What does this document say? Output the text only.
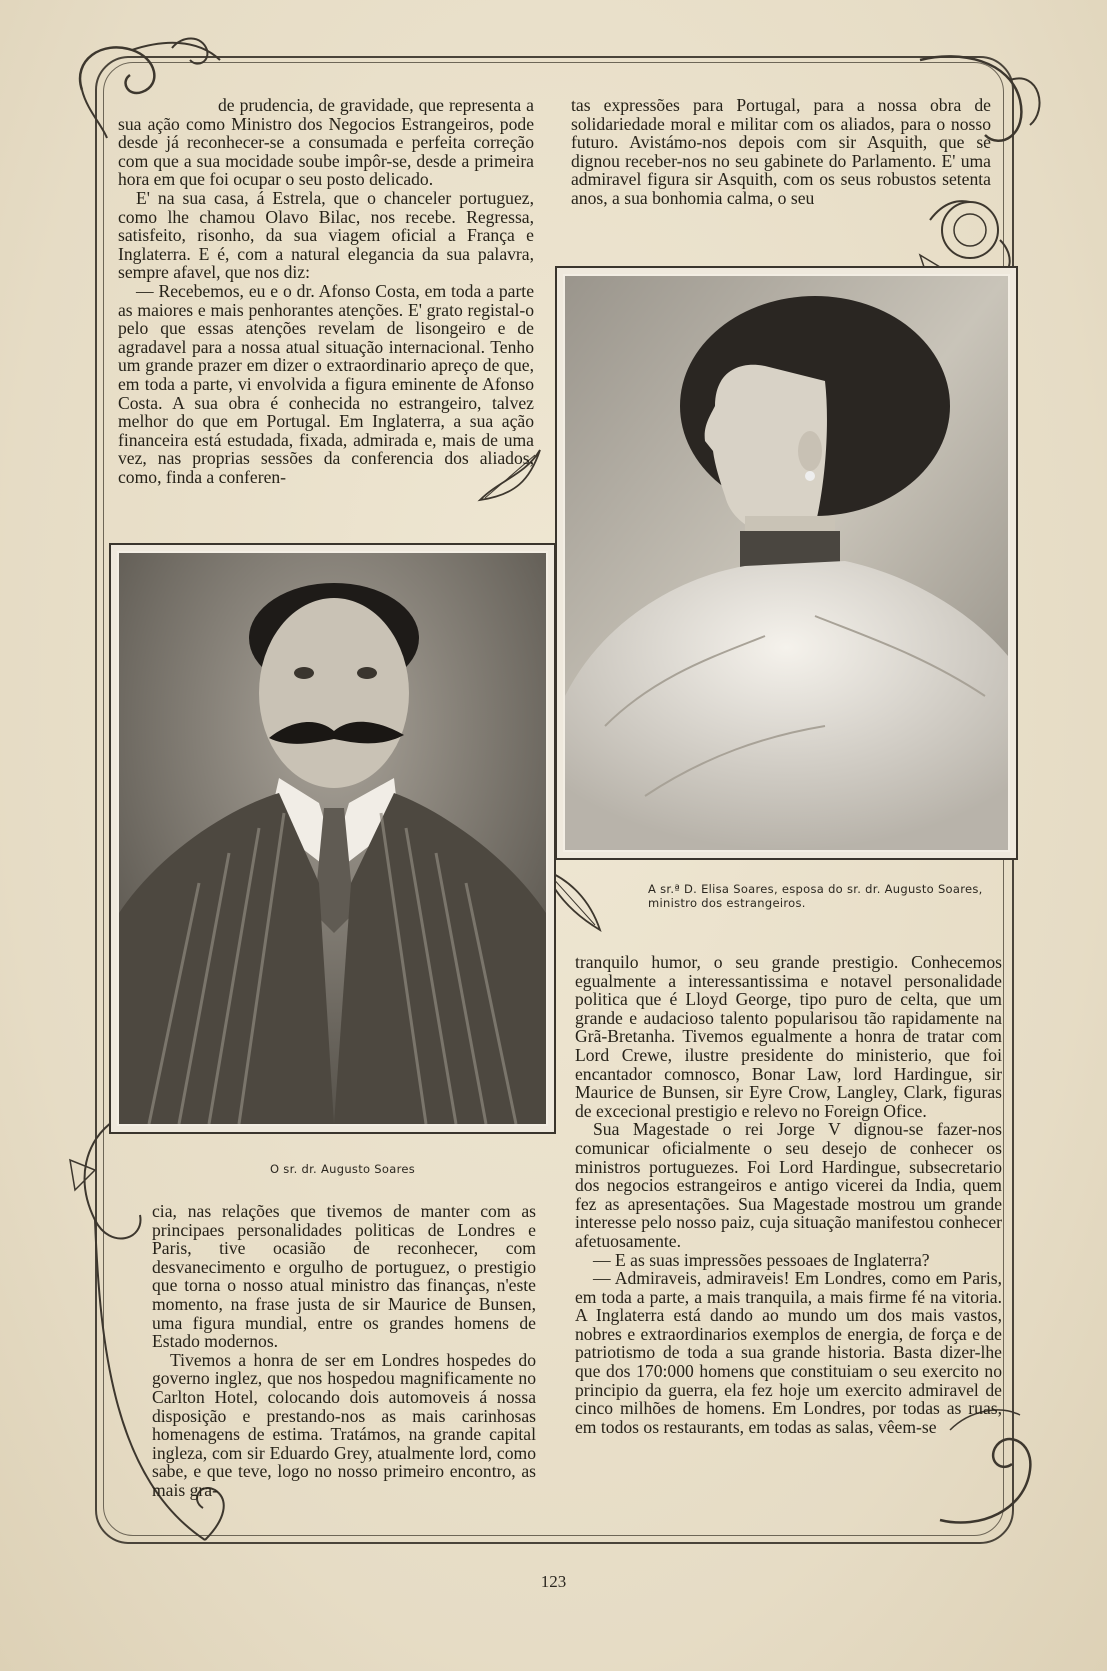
de prudencia, de gravidade, que representa a sua ação como Ministro dos Negocios Estrangeiros, pode desde já reconhecer-se a consumada e perfeita correção com que a sua mocidade soube impôr-se, desde a primeira hora em que foi ocupar o seu posto delicado.

E' na sua casa, á Estrela, que o chanceler portuguez, como lhe chamou Olavo Bilac, nos recebe. Regressa, satisfeito, risonho, da sua viagem oficial a França e Inglaterra. E é, com a natural elegancia da sua palavra, sempre afavel, que nos diz:

— Recebemos, eu e o dr. Afonso Costa, em toda a parte as maiores e mais penhorantes atenções. E' grato registal-o pelo que essas atenções revelam de lisongeiro e de agradavel para a nossa atual situação internacional. Tenho um grande prazer em dizer o extraordinario apreço de que, em toda a parte, vi envolvida a figura eminente de Afonso Costa. A sua obra é conhecida no estrangeiro, talvez melhor do que em Portugal. Em Inglaterra, a sua ação financeira está estudada, fixada, admirada e, mais de uma vez, nas proprias sessões da conferencia dos aliados, como, finda a conferen-

tas expressões para Portugal, para a nossa obra de solidariedade moral e militar com os aliados, para o nosso futuro. Avistámo-nos depois com sir Asquith, que se dignou receber-nos no seu gabinete do Parlamento. E' uma admiravel figura sir Asquith, com os seus robustos setenta anos, a sua bonhomia calma, o seu

A sr.ª D. Elisa Soares, esposa do sr. dr. Augusto Soares, ministro dos estrangeiros.
O sr. dr. Augusto Soares

cia, nas relações que tivemos de manter com as principaes personalidades politicas de Londres e Paris, tive ocasião de reconhecer, com desvanecimento e orgulho de portuguez, o prestigio que torna o nosso atual ministro das finanças, n'este momento, na frase justa de sir Maurice de Bunsen, uma figura mundial, entre os grandes homens de Estado modernos.

Tivemos a honra de ser em Londres hospedes do governo inglez, que nos hospedou magnificamente no Carlton Hotel, colocando dois automoveis á nossa disposição e prestando-nos as mais carinhosas homenagens de estima. Tratámos, na grande capital ingleza, com sir Eduardo Grey, atualmente lord, como sabe, e que teve, logo no nosso primeiro encontro, as mais gra-

tranquilo humor, o seu grande prestigio. Conhecemos egualmente a interessantissima e notavel personalidade politica que é Lloyd George, tipo puro de celta, que um grande e audacioso talento popularisou tão rapidamente na Grã-Bretanha. Tivemos egualmente a honra de tratar com Lord Crewe, ilustre presidente do ministerio, que foi encantador comnosco, Bonar Law, lord Hardingue, sir Maurice de Bunsen, sir Eyre Crow, Langley, Clark, figuras de excecional prestigio e relevo no Foreign Ofice.

Sua Magestade o rei Jorge V dignou-se fazer-nos comunicar oficialmente o seu desejo de conhecer os ministros portuguezes. Foi Lord Hardingue, subsecretario dos negocios estrangeiros e antigo vicerei da India, quem fez as apresentações. Sua Magestade mostrou um grande interesse pelo nosso paiz, cuja situação manifestou conhecer afetuosamente.

— E as suas impressões pessoaes de Inglaterra?

— Admiraveis, admiraveis! Em Londres, como em Paris, em toda a parte, a mais tranquila, a mais firme fé na vitoria. A Inglaterra está dando ao mundo um dos mais vastos, nobres e extraordinarios exemplos de energia, de força e de patriotismo de toda a sua grande historia. Basta dizer-lhe que dos 170:000 homens que constituiam o seu exercito no principio da guerra, ela fez hoje um exercito admiravel de cinco milhões de homens. Em Londres, por todas as ruas, em todos os restaurants, em todas as salas, vêem-se

123
